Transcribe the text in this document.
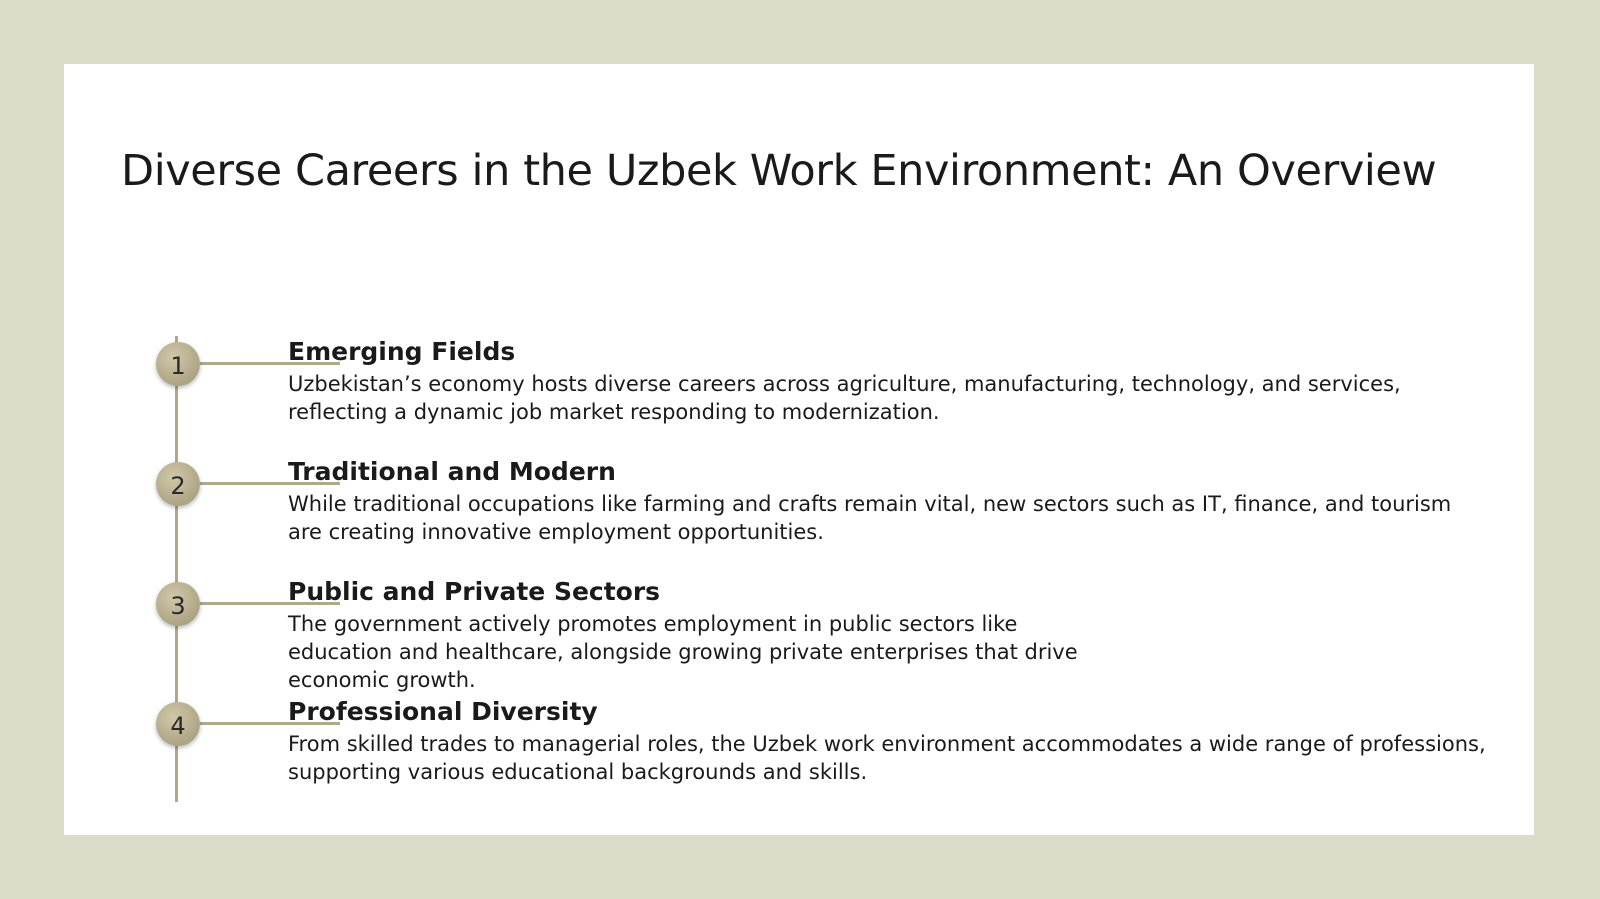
Diverse Careers in the Uzbek Work Environment: An Overview
1	Emerging Fields

Uzbekistan’s economy hosts diverse careers across agriculture, manufacturing, technology, and services, reflecting a dynamic job market responding to modernization.

2	Traditional and Modern

While traditional occupations like farming and crafts remain vital, new sectors such as IT, finance, and tourism are creating innovative employment opportunities.

3	Public and Private Sectors

The government actively promotes employment in public sectors like education and healthcare, alongside growing private enterprises that drive economic growth.

4	Professional Diversity

From skilled trades to managerial roles, the Uzbek work environment accommodates a wide range of professions, supporting various educational backgrounds and skills.
